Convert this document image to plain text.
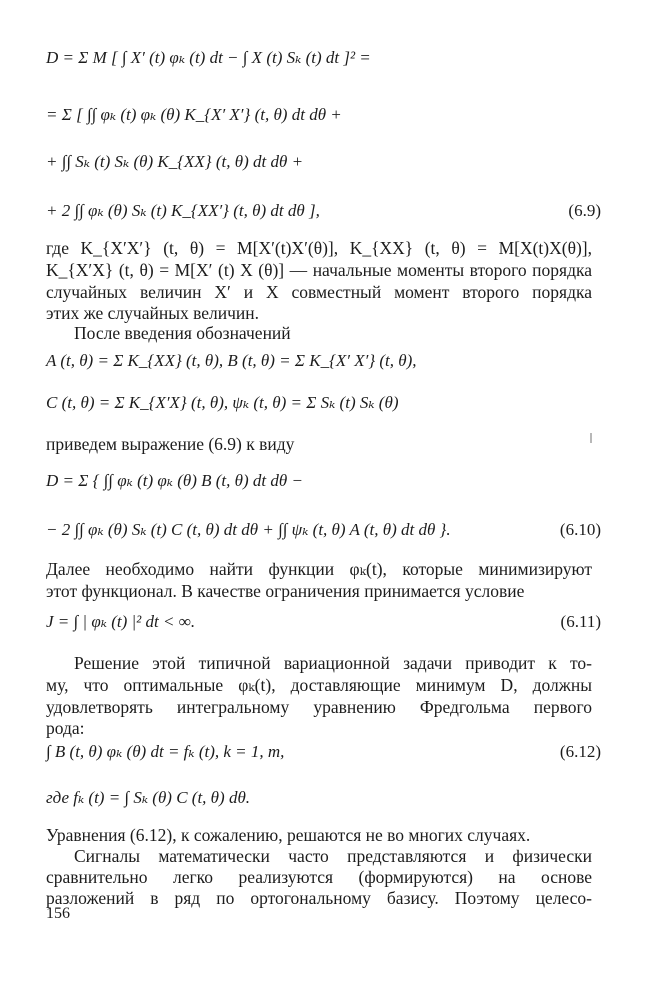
D = Σ M [ ∫ X′ (t) φₖ (t) dt − ∫ X (t) Sₖ (t) dt ]² =
= Σ [ ∫∫ φₖ (t) φₖ (θ) K_{X′ X′} (t, θ) dt dθ +
+ ∫∫ Sₖ (t) Sₖ (θ) K_{XX} (t, θ) dt dθ +
+ 2 ∫∫ φₖ (θ) Sₖ (t) K_{XX′} (t, θ) dt dθ ],	(6.9)
где K_{X′X′} (t, θ) = M[X′(t)X′(θ)], K_{XX} (t, θ) = M[X(t)X(θ)],
K_{X′X} (t, θ) = M[X′ (t) X (θ)] — начальные моменты второго порядка
случайных величин X′ и X совместный момент второго порядка
этих же случайных величин.
После введения обозначений
A (t, θ) = Σ K_{XX} (t, θ), B (t, θ) = Σ K_{X′ X′} (t, θ),
C (t, θ) = Σ K_{X′X} (t, θ), ψₖ (t, θ) = Σ Sₖ (t) Sₖ (θ)
приведем выражение (6.9) к виду
D = Σ { ∫∫ φₖ (t) φₖ (θ) B (t, θ) dt dθ −
− 2 ∫∫ φₖ (θ) Sₖ (t) C (t, θ) dt dθ + ∫∫ ψₖ (t, θ) A (t, θ) dt dθ }.	(6.10)
Далее необходимо найти функции φₖ(t), которые минимизируют
этот функционал. В качестве ограничения принимается условие
J = ∫ | φₖ (t) |² dt < ∞.	(6.11)
Решение этой типичной вариационной задачи приводит к то-
му, что оптимальные φₖ(t), доставляющие минимум D, должны
удовлетворять интегральному уравнению Фредгольма первого
рода:
∫ B (t, θ) φₖ (θ) dt = fₖ (t), k = 1, m,	(6.12)
где fₖ (t) = ∫ Sₖ (θ) C (t, θ) dθ.
Уравнения (6.12), к сожалению, решаются не во многих случаях.
Сигналы математически часто представляются и физически
сравнительно легко реализуются (формируются) на основе
разложений в ряд по ортогональному базису. Поэтому целесо-
156
